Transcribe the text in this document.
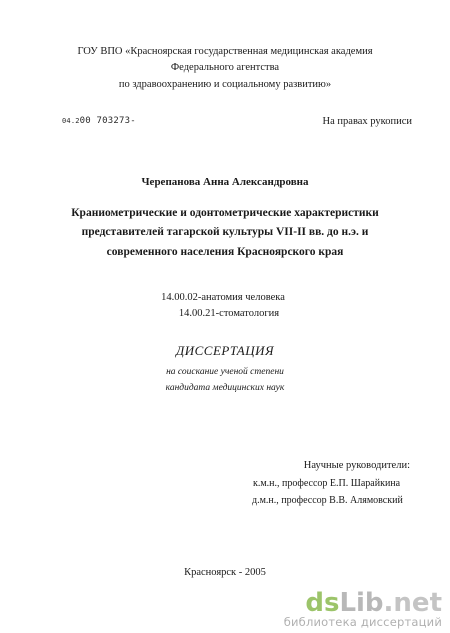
ГОУ ВПО «Красноярская государственная медицинская академия
Федерального агентства
по здравоохранению и социальному развитию»
04.200 703273-	На правах рукописи
Черепанова Анна Александровна
Краниометрические и одонтометрические характеристики
представителей тагарской культуры VII-II вв. до н.э. и
современного населения Красноярского края
14.00.02-анатомия человека
14.00.21-стоматология
ДИССЕРТАЦИЯ
на соискание ученой степени
кандидата медицинских наук
Научные руководители:
к.м.н., профессор Е.П. Шарайкина
д.м.н., профессор В.В. Алямовский
Красноярск - 2005
ds Lib .net
библиотека диссертаций
